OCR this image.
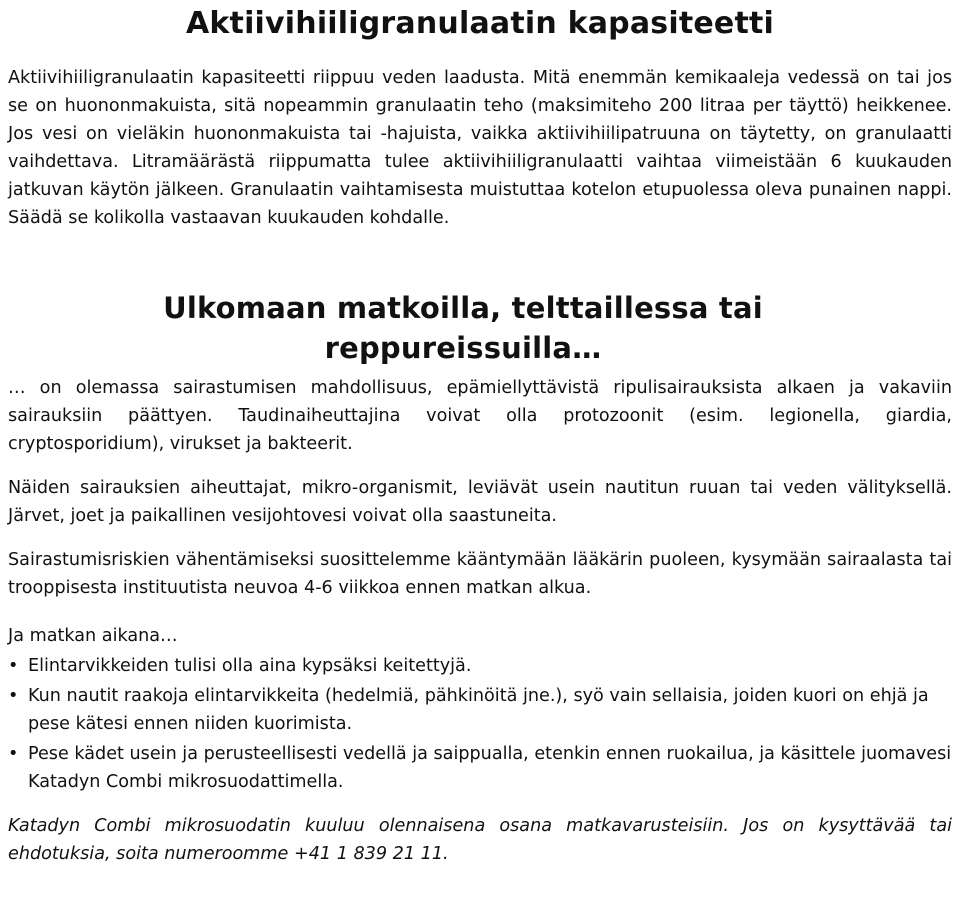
Aktiivihiiligranulaatin kapasiteetti

Aktiivihiiligranulaatin kapasiteetti riippuu veden laadusta. Mitä enemmän kemikaaleja vedessä on tai jos se on huononmakuista, sitä nopeammin granulaatin teho (maksimiteho 200 litraa per täyttö) heikkenee. Jos vesi on vieläkin huononmakuista tai -hajuista, vaikka aktiivihiilipatruuna on täytetty, on granulaatti vaihdettava. Litramäärästä riippumatta tulee aktiivihiiligranulaatti vaihtaa viimeistään 6 kuukauden jatkuvan käytön jälkeen. Granulaatin vaihtamisesta muistuttaa kotelon etupuolessa oleva punainen nappi. Säädä se kolikolla vastaavan kuukauden kohdalle.

Ulkomaan matkoilla, telttaillessa tai reppureissuilla…

… on olemassa sairastumisen mahdollisuus, epämiellyttävistä ripulisairauksista alkaen ja vakaviin sairauksiin päättyen. Taudinaiheuttajina voivat olla protozoonit (esim. legionella, giardia, cryptosporidium), virukset ja bakteerit.

Näiden sairauksien aiheuttajat, mikro-organismit, leviävät usein nautitun ruuan tai veden välityksellä. Järvet, joet ja paikallinen vesijohtovesi voivat olla saastuneita.

Sairastumisriskien vähentämiseksi suosittelemme kääntymään lääkärin puoleen, kysymään sairaalasta tai trooppisesta instituutista neuvoa 4-6 viikkoa ennen matkan alkua.

Ja matkan aikana…

• Elintarvikkeiden tulisi olla aina kypsäksi keitettyjä.
• Kun nautit raakoja elintarvikkeita (hedelmiä, pähkinöitä jne.), syö vain sellaisia, joiden kuori on ehjä ja pese kätesi ennen niiden kuorimista.
• Pese kädet usein ja perusteellisesti vedellä ja saippualla, etenkin ennen ruokailua, ja käsittele juomavesi Katadyn Combi mikrosuodattimella.

Katadyn Combi mikrosuodatin kuuluu olennaisena osana matkavarusteisiin. Jos on kysyttävää tai ehdotuksia, soita numeroomme +41 1 839 21 11.
